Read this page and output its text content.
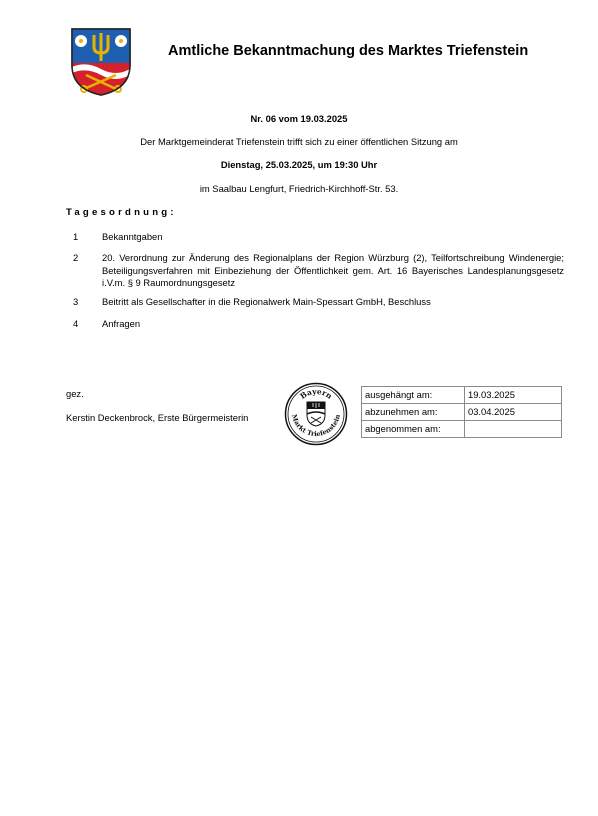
Amtliche Bekanntmachung des Marktes Triefenstein
Nr. 06 vom 19.03.2025
Der Marktgemeinderat Triefenstein trifft sich zu einer öffentlichen Sitzung am
Dienstag, 25.03.2025, um 19:30 Uhr
im Saalbau Lengfurt, Friedrich-Kirchhoff-Str. 53.
Tagesordnung:
1	Bekanntgaben
2	20. Verordnung zur Änderung des Regionalplans der Region Würzburg (2), Teilfortschreibung Windenergie; Beteiligungsverfahren mit Einbeziehung der Öffentlichkeit gem. Art. 16 Bayerisches Landesplanungsgesetz i.V.m. § 9 Raumordnungsgesetz
3	Beitritt als Gesellschafter in die Regionalwerk Main-Spessart GmbH, Beschluss
4	Anfragen
gez.
Kerstin Deckenbrock, Erste Bürgermeisterin
Bayern
Markt Triefenstein
ausgehängt am:	19.03.2025
abzunehmen am:	03.04.2025
abgenommen am:	
